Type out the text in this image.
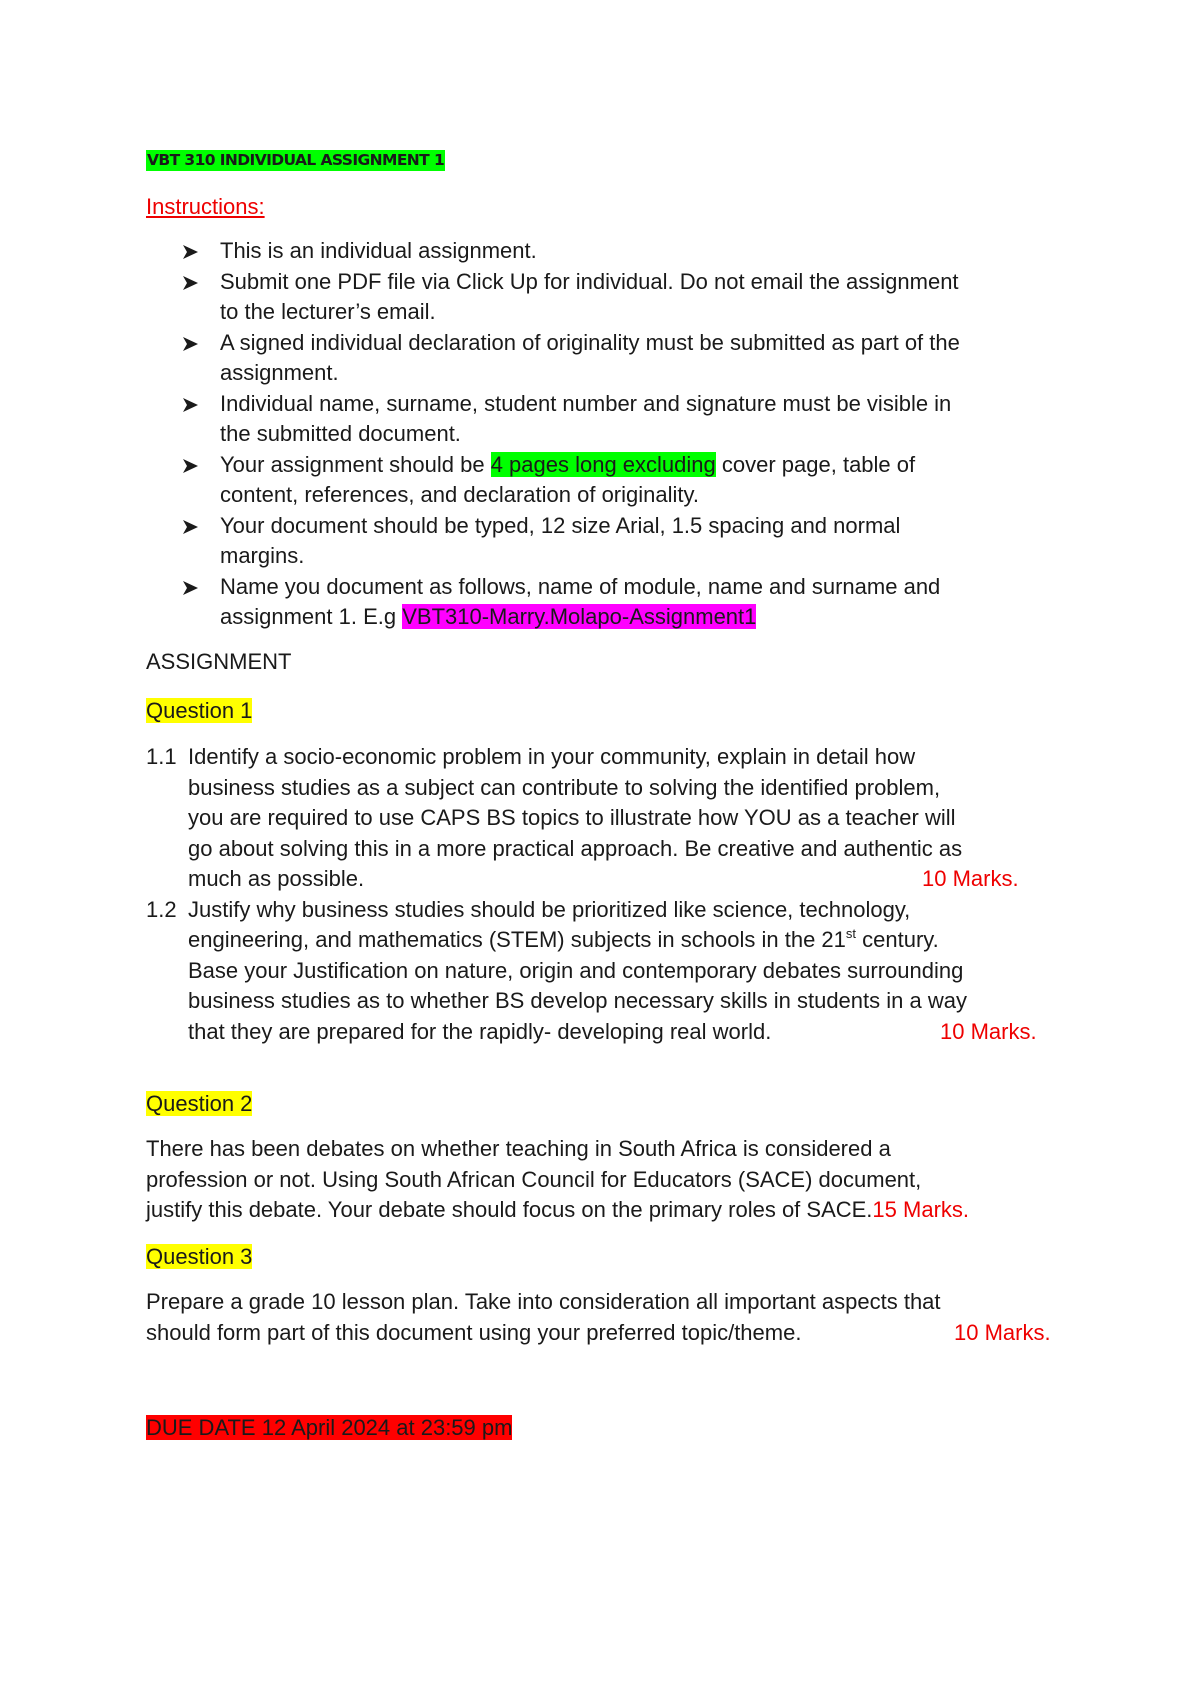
VBT 310 INDIVIDUAL ASSIGNMENT 1
Instructions:
This is an individual assignment.
Submit one PDF file via Click Up for individual. Do not email the assignment
to the lecturer’s email.
A signed individual declaration of originality must be submitted as part of the
assignment.
Individual name, surname, student number and signature must be visible in
the submitted document.
Your assignment should be 4 pages long excluding cover page, table of
content, references, and declaration of originality.
Your document should be typed, 12 size Arial, 1.5 spacing and normal
margins.
Name you document as follows, name of module, name and surname and
assignment 1. E.g VBT310-Marry.Molapo-Assignment1
ASSIGNMENT
Question 1
1.1 Identify a socio-economic problem in your community, explain in detail how
business studies as a subject can contribute to solving the identified problem,
you are required to use CAPS BS topics to illustrate how YOU as a teacher will
go about solving this in a more practical approach. Be creative and authentic as
much as possible.	10 Marks.
1.2 Justify why business studies should be prioritized like science, technology,
engineering, and mathematics (STEM) subjects in schools in the 21st century.
Base your Justification on nature, origin and contemporary debates surrounding
business studies as to whether BS develop necessary skills in students in a way
that they are prepared for the rapidly- developing real world.	10 Marks.
Question 2
There has been debates on whether teaching in South Africa is considered a
profession or not. Using South African Council for Educators (SACE) document,
justify this debate. Your debate should focus on the primary roles of SACE.15 Marks.
Question 3
Prepare a grade 10 lesson plan. Take into consideration all important aspects that
should form part of this document using your preferred topic/theme.	10 Marks.
DUE DATE 12 April 2024 at 23:59 pm
